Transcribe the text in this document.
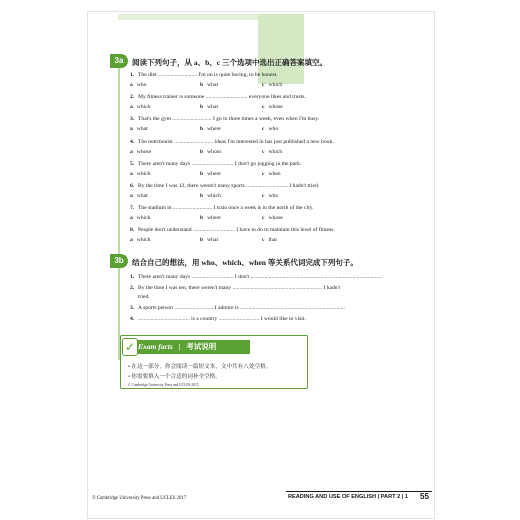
3a	阅读下列句子，从 a、b、c 三个选项中选出正确答案填空。
1. The diet ............................ I'm on is quite boring, to be honest.
a who	b what	c which
2. My fitness trainer is someone .............................. everyone likes and trusts.
a which	b what	c whose
3. That's the gym ............................ I go to three times a week, even when I'm busy.
a what	b where	c who
4. The nutritionist ............................ ideas I'm interested in has just published a new book.
a whose	b whom	c which
5. There aren't many days .............................. I don't go jogging in the park.
a which	b where	c when
6. By the time I was 12, there weren't many sports .............................. I hadn't tried.
a what	b which	c who
7. The stadium in ............................ I train once a week is in the north of the city.
a which	b where	c whose
8. People don't understand .............................. I have to do to maintain this level of fitness.
a which	b what	c that
3b	结合自己的想法，用 who、which、when 等关系代词完成下列句子。
1. There aren't many days .............................. I don't ..............................................................................................
2. By the time I was ten, there weren't many ................................................................ I hadn't
tried.
3. A sports person ............................ I admire is ...........................................................................
4. ..................................... is a country ............................. I would like to visit.
Exam facts | 考试说明
✓
• 在这一部分，你会阅读一篇短文本，文中共有八处空格。
• 你需要填入一个合适的词补全空格。
© Cambridge University Press and UCLES 2015
© Cambridge University Press and UCLES 2017	READING AND USE OF ENGLISH | PART 2 | 1 55
